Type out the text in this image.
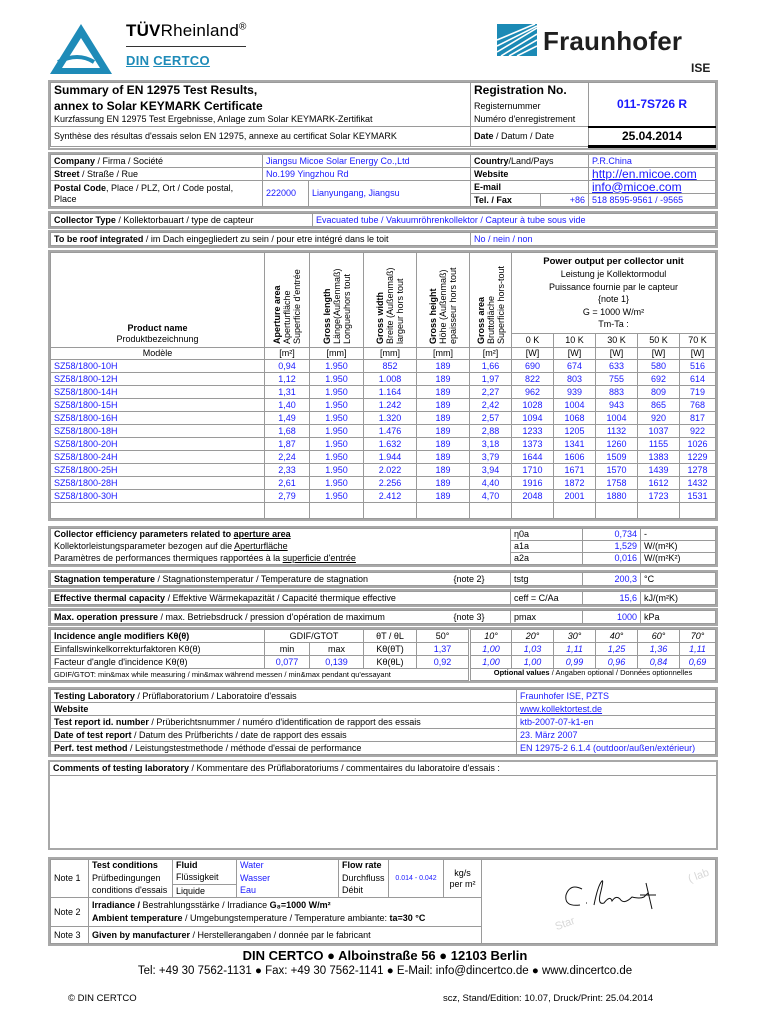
TÜVRheinland®
DIN CERTCO
Fraunhofer
ISE
Summary of EN 12975 Test Results,	Registration No.	011-7S726 R
annex to Solar KEYMARK Certificate	Registernummer	
Kurzfassung EN 12975 Test Ergebnisse, Anlage zum Solar KEYMARK-Zertifikat	Numéro d'enregistrement	
Synthèse des résultas d'essais selon EN 12975, annexe au certificat Solar KEYMARK	Date / Datum / Date	25.04.2014
Company / Firma / Société	Jiangsu Micoe Solar Energy Co.,Ltd		Country/Land/Pays		P.R.China
Street / Straße / Rue	No.199 Yingzhou Rd		Website		http://en.micoe.com
Postal Code, Place / PLZ, Ort / Code postal,
Place	222000	Lianyungang, Jiangsu	E-mail		info@micoe.com
			Tel. / Fax	+86	518 8595-9561 / -9565
Collector Type / Kollektorbauart / type de capteur	Evacuated tube / Vakuumröhrenkollektor / Capteur à tube sous vide
To be roof integrated / im Dach eingegliedert zu sein / pour etre intégré dans le toit	No / nein / non
Product name
Produktbezeichnung	Aperture area
Aperturfläche
Superficie d'entrée	Gross length
Länge(Außenmaß)
Longueuhors tout	Gross width
Breite (Außenmaß)
largeur hors tout	Gross height
Höhe (Außenmaß)
epaisseur hors tout	Gross area
Bruttofläche
Superficie hors-tout

Power output per collector unit
Leistung je Kollektormodul
Puissance fournie par le capteur
{note 1}
G = 1000 W/m²
Tm-Ta :

						0 K	10 K	30 K	50 K	70 K
Modèle	[m²]	[mm]	[mm]	[mm]	[m²]	[W]	[W]	[W]	[W]	[W]
SZ58/1800-10H	0,94	1.950	852	189	1,66	690	674	633	580	516
SZ58/1800-12H	1,12	1.950	1.008	189	1,97	822	803	755	692	614
SZ58/1800-14H	1,31	1.950	1.164	189	2,27	962	939	883	809	719
SZ58/1800-15H	1,40	1.950	1.242	189	2,42	1028	1004	943	865	768
SZ58/1800-16H	1,49	1.950	1.320	189	2,57	1094	1068	1004	920	817
SZ58/1800-18H	1,68	1.950	1.476	189	2,88	1233	1205	1132	1037	922
SZ58/1800-20H	1,87	1.950	1.632	189	3,18	1373	1341	1260	1155	1026
SZ58/1800-24H	2,24	1.950	1.944	189	3,79	1644	1606	1509	1383	1229
SZ58/1800-25H	2,33	1.950	2.022	189	3,94	1710	1671	1570	1439	1278
SZ58/1800-28H	2,61	1.950	2.256	189	4,40	1916	1872	1758	1612	1432
SZ58/1800-30H	2,79	1.950	2.412	189	4,70	2048	2001	1880	1723	1531

Collector efficiency parameters related to aperture area	η0a	0,734	-
Kollektorleistungsparameter bezogen auf die Aperturfläche	a1a	1,529	W/(m²K)
Paramètres de performances thermiques rapportées à la superficie d'entrée	a2a	0,016	W/(m²K²)
Stagnation temperature / Stagnationstemperatur / Temperature de stagnation	{note 2}	tstg	200,3	°C
Effective thermal capacity / Effektive Wärmekapazität / Capacité thermique effective	ceff = C/Aa	15,6	kJ/(m²K)
Max. operation pressure / max. Betriebsdruck / pression d'opération de maximum	{note 3}	pmax	1000	kPa
Incidence angle modifiers Kθ(θ)	GDIF/GTOT		θT / θL	50°	10°	20°	30°	40°	60°	70°
Einfallswinkelkorrekturfaktoren Kθ(θ)	min	max	Kθ(θT)	1,37	1,00	1,03	1,11	1,25	1,36	1,11
Facteur d'angle d'incidence Kθ(θ)	0,077	0,139	Kθ(θL)	0,92	1,00	1,00	0,99	0,96	0,84	0,69
GDIF/GTOT: min&max while measuring / min&max während messen / min&max pendant qu'essayant					Optional values / Angaben optional / Données optionnelles					
Testing Laboratory / Prüflaboratorium / Laboratoire d'essais	Fraunhofer ISE, PZTS
Website	www.kollektortest.de
Test report id. number / Prüberichtsnummer / numéro d'identification de rapport des essais	ktb-2007-07-k1-en
Date of test report / Datum des Prüfberichts / date de rapport des essais	23. März 2007
Perf. test method / Leistungstestmethode / méthode d'essai de performance	EN 12975-2 6.1.4 (outdoor/außen/extérieur)
Comments of testing laboratory / Kommentare des Prüflaboratoriums / commentaires du laboratoire d'essais :
Note 1	Test conditions	Fluid	Water	Flow rate	0.014 - 0.042	kg/s per m²	
	Prüfbedingungen	Flüssigkeit	Wasser	Durchfluss			
	conditions d'essais	Liquide	Eau	Débit			
Note 2	Irradiance / Bestrahlungsstärke / Irradiance G₈=1000 W/m²
Ambient temperature / Umgebungstemperature / Temperature ambiante: ta=30 °C						

Note 3	Given by manufacturer / Herstellerangaben / donnée par le fabricant						
Star
( lab
DIN CERTCO ● Alboinstraße 56 ● 12103 Berlin
Tel: +49 30 7562-1131 ● Fax: +49 30 7562-1141 ● E-Mail: info@dincertco.de ● www.dincertco.de
© DIN CERTCO	scz, Stand/Edition: 10.07, Druck/Print: 25.04.2014
